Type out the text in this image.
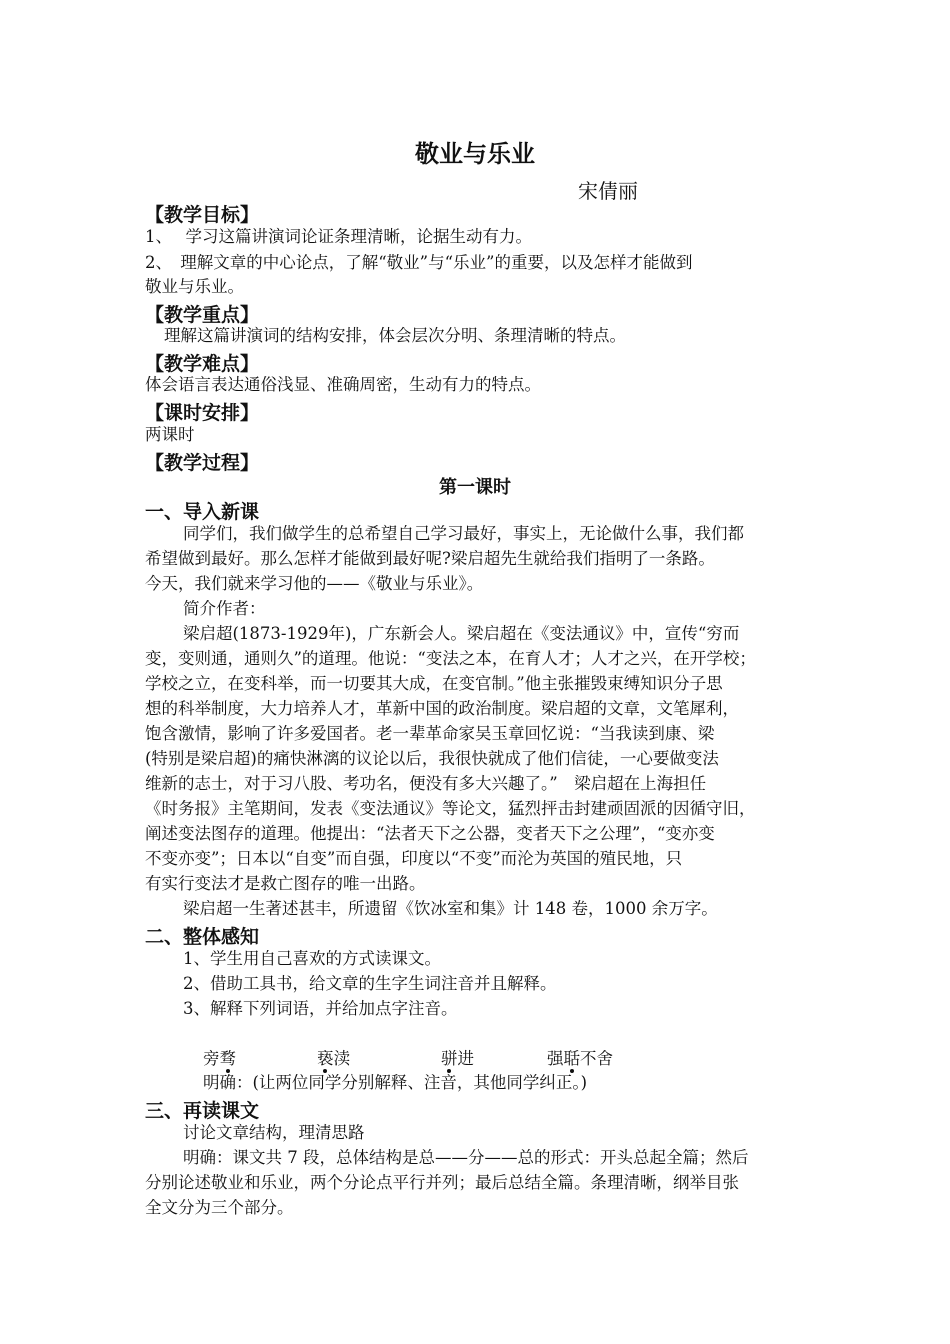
敬业与乐业
宋倩丽
【教学目标】
1、　 学习这篇讲演词论证条理清晰，论据生动有力。
2、　理解文章的中心论点，了解“敬业”与“乐业”的重要，以及怎样才能做到
敬业与乐业。
【教学重点】
理解这篇讲演词的结构安排，体会层次分明、条理清晰的特点。
【教学难点】
体会语言表达通俗浅显、准确周密，生动有力的特点。
【课时安排】
两课时
【教学过程】
第一课时
一、导入新课
同学们，我们做学生的总希望自己学习最好，事实上，无论做什么事，我们都
希望做到最好。那么怎样才能做到最好呢?梁启超先生就给我们指明了一条路。
今天，我们就来学习他的——《敬业与乐业》。
简介作者：
梁启超(1873-1929年)，广东新会人。梁启超在《变法通议》中，宣传“穷而
变，变则通，通则久”的道理。他说：“变法之本，在育人才；人才之兴，在开学校；
学校之立，在变科举，而一切要其大成，在变官制。”他主张摧毁束缚知识分子思
想的科举制度，大力培养人才，革新中国的政治制度。梁启超的文章，文笔犀利，
饱含激情，影响了许多爱国者。老一辈革命家吴玉章回忆说：“当我读到康、梁
(特别是梁启超)的痛快淋漓的议论以后，我很快就成了他们信徒，一心要做变法
维新的志士，对于习八股、考功名，便没有多大兴趣了。”　梁启超在上海担任
《时务报》主笔期间，发表《变法通议》等论文，猛烈抨击封建顽固派的因循守旧，
阐述变法图存的道理。他提出：“法者天下之公器，变者天下之公理”，“变亦变
不变亦变”；日本以“自变”而自强，印度以“不变”而沦为英国的殖民地，只
有实行变法才是救亡图存的唯一出路。
梁启超一生著述甚丰，所遗留《饮冰室和集》计 148 卷，1000 余万字。
二、整体感知
1、学生用自己喜欢的方式读课文。
2、借助工具书，给文章的生字生词注音并且解释。
3、解释下列词语，并给加点字注音。
旁骛	亵渎	骈进	强聒不舍
明确：(让两位同学分别解释、注音，其他同学纠正。)
三、再读课文
讨论文章结构，理清思路
明确：课文共 7 段，总体结构是总——分——总的形式：开头总起全篇；然后
分别论述敬业和乐业，两个分论点平行并列；最后总结全篇。条理清晰，纲举目张
全文分为三个部分。
